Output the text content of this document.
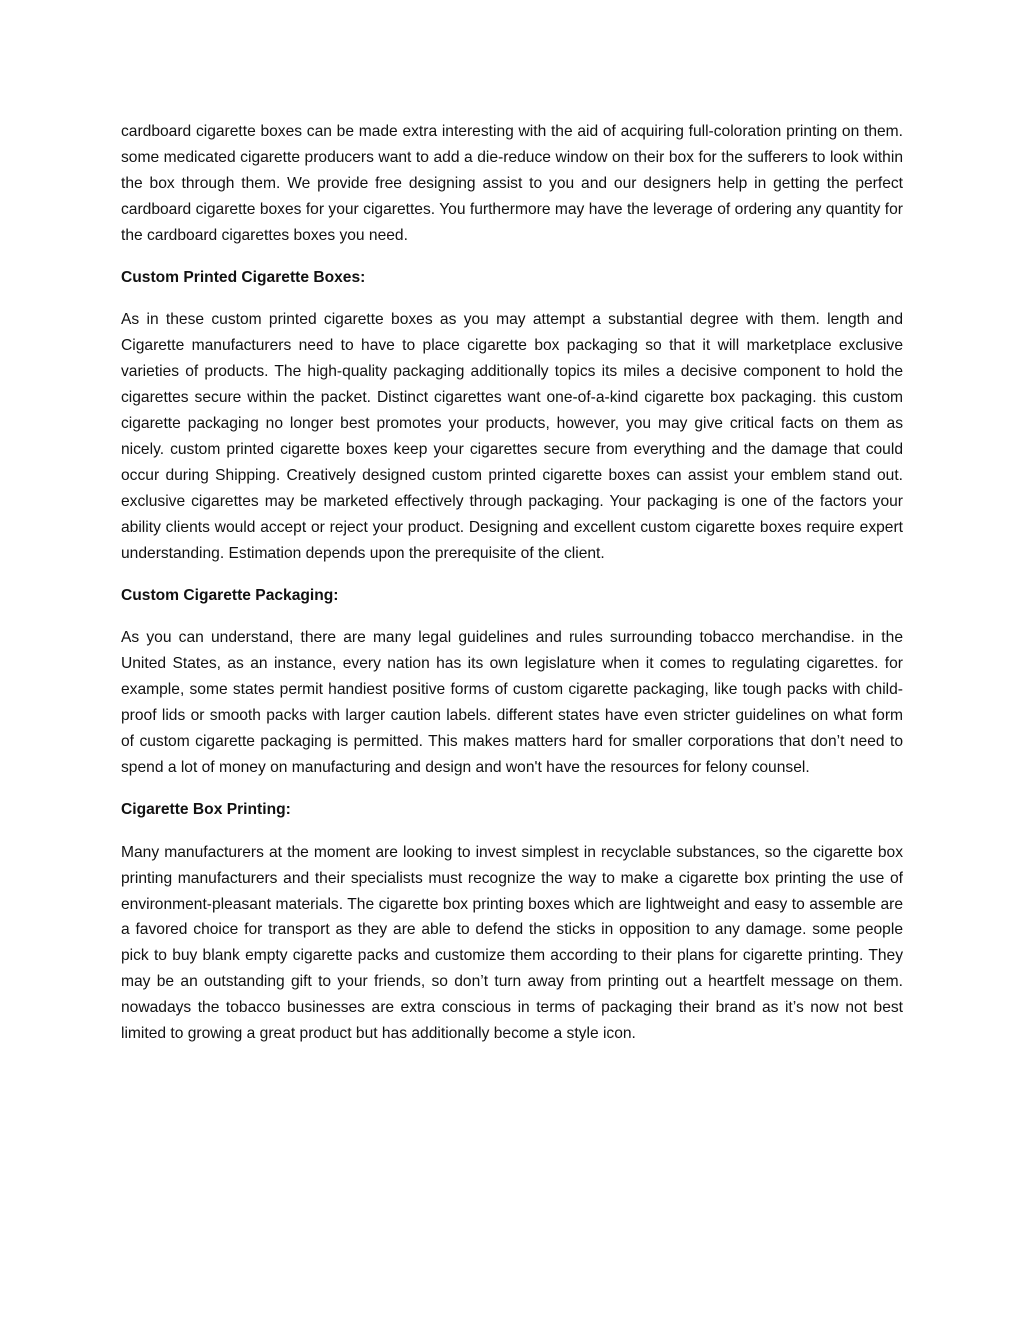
cardboard cigarette boxes can be made extra interesting with the aid of acquiring full-coloration printing on them. some medicated cigarette producers want to add a die-reduce window on their box for the sufferers to look within the box through them. We provide free designing assist to you and our designers help in getting the perfect cardboard cigarette boxes for your cigarettes. You furthermore may have the leverage of ordering any quantity for the cardboard cigarettes boxes you need.

Custom Printed Cigarette Boxes:

As in these custom printed cigarette boxes as you may attempt a substantial degree with them. length and Cigarette manufacturers need to have to place cigarette box packaging so that it will marketplace exclusive varieties of products. The high-quality packaging additionally topics its miles a decisive component to hold the cigarettes secure within the packet. Distinct cigarettes want one-of-a-kind cigarette box packaging. this custom cigarette packaging no longer best promotes your products, however, you may give critical facts on them as nicely. custom printed cigarette boxes keep your cigarettes secure from everything and the damage that could occur during Shipping. Creatively designed custom printed cigarette boxes can assist your emblem stand out. exclusive cigarettes may be marketed effectively through packaging. Your packaging is one of the factors your ability clients would accept or reject your product. Designing and excellent custom cigarette boxes require expert understanding. Estimation depends upon the prerequisite of the client.

Custom Cigarette Packaging:

As you can understand, there are many legal guidelines and rules surrounding tobacco merchandise. in the United States, as an instance, every nation has its own legislature when it comes to regulating cigarettes. for example, some states permit handiest positive forms of custom cigarette packaging, like tough packs with child-proof lids or smooth packs with larger caution labels. different states have even stricter guidelines on what form of custom cigarette packaging is permitted. This makes matters hard for smaller corporations that don’t need to spend a lot of money on manufacturing and design and won't have the resources for felony counsel.

Cigarette Box Printing:

Many manufacturers at the moment are looking to invest simplest in recyclable substances, so the cigarette box printing manufacturers and their specialists must recognize the way to make a cigarette box printing the use of environment-pleasant materials. The cigarette box printing boxes which are lightweight and easy to assemble are a favored choice for transport as they are able to defend the sticks in opposition to any damage. some people pick to buy blank empty cigarette packs and customize them according to their plans for cigarette printing. They may be an outstanding gift to your friends, so don’t turn away from printing out a heartfelt message on them. nowadays the tobacco businesses are extra conscious in terms of packaging their brand as it’s now not best limited to growing a great product but has additionally become a style icon.
